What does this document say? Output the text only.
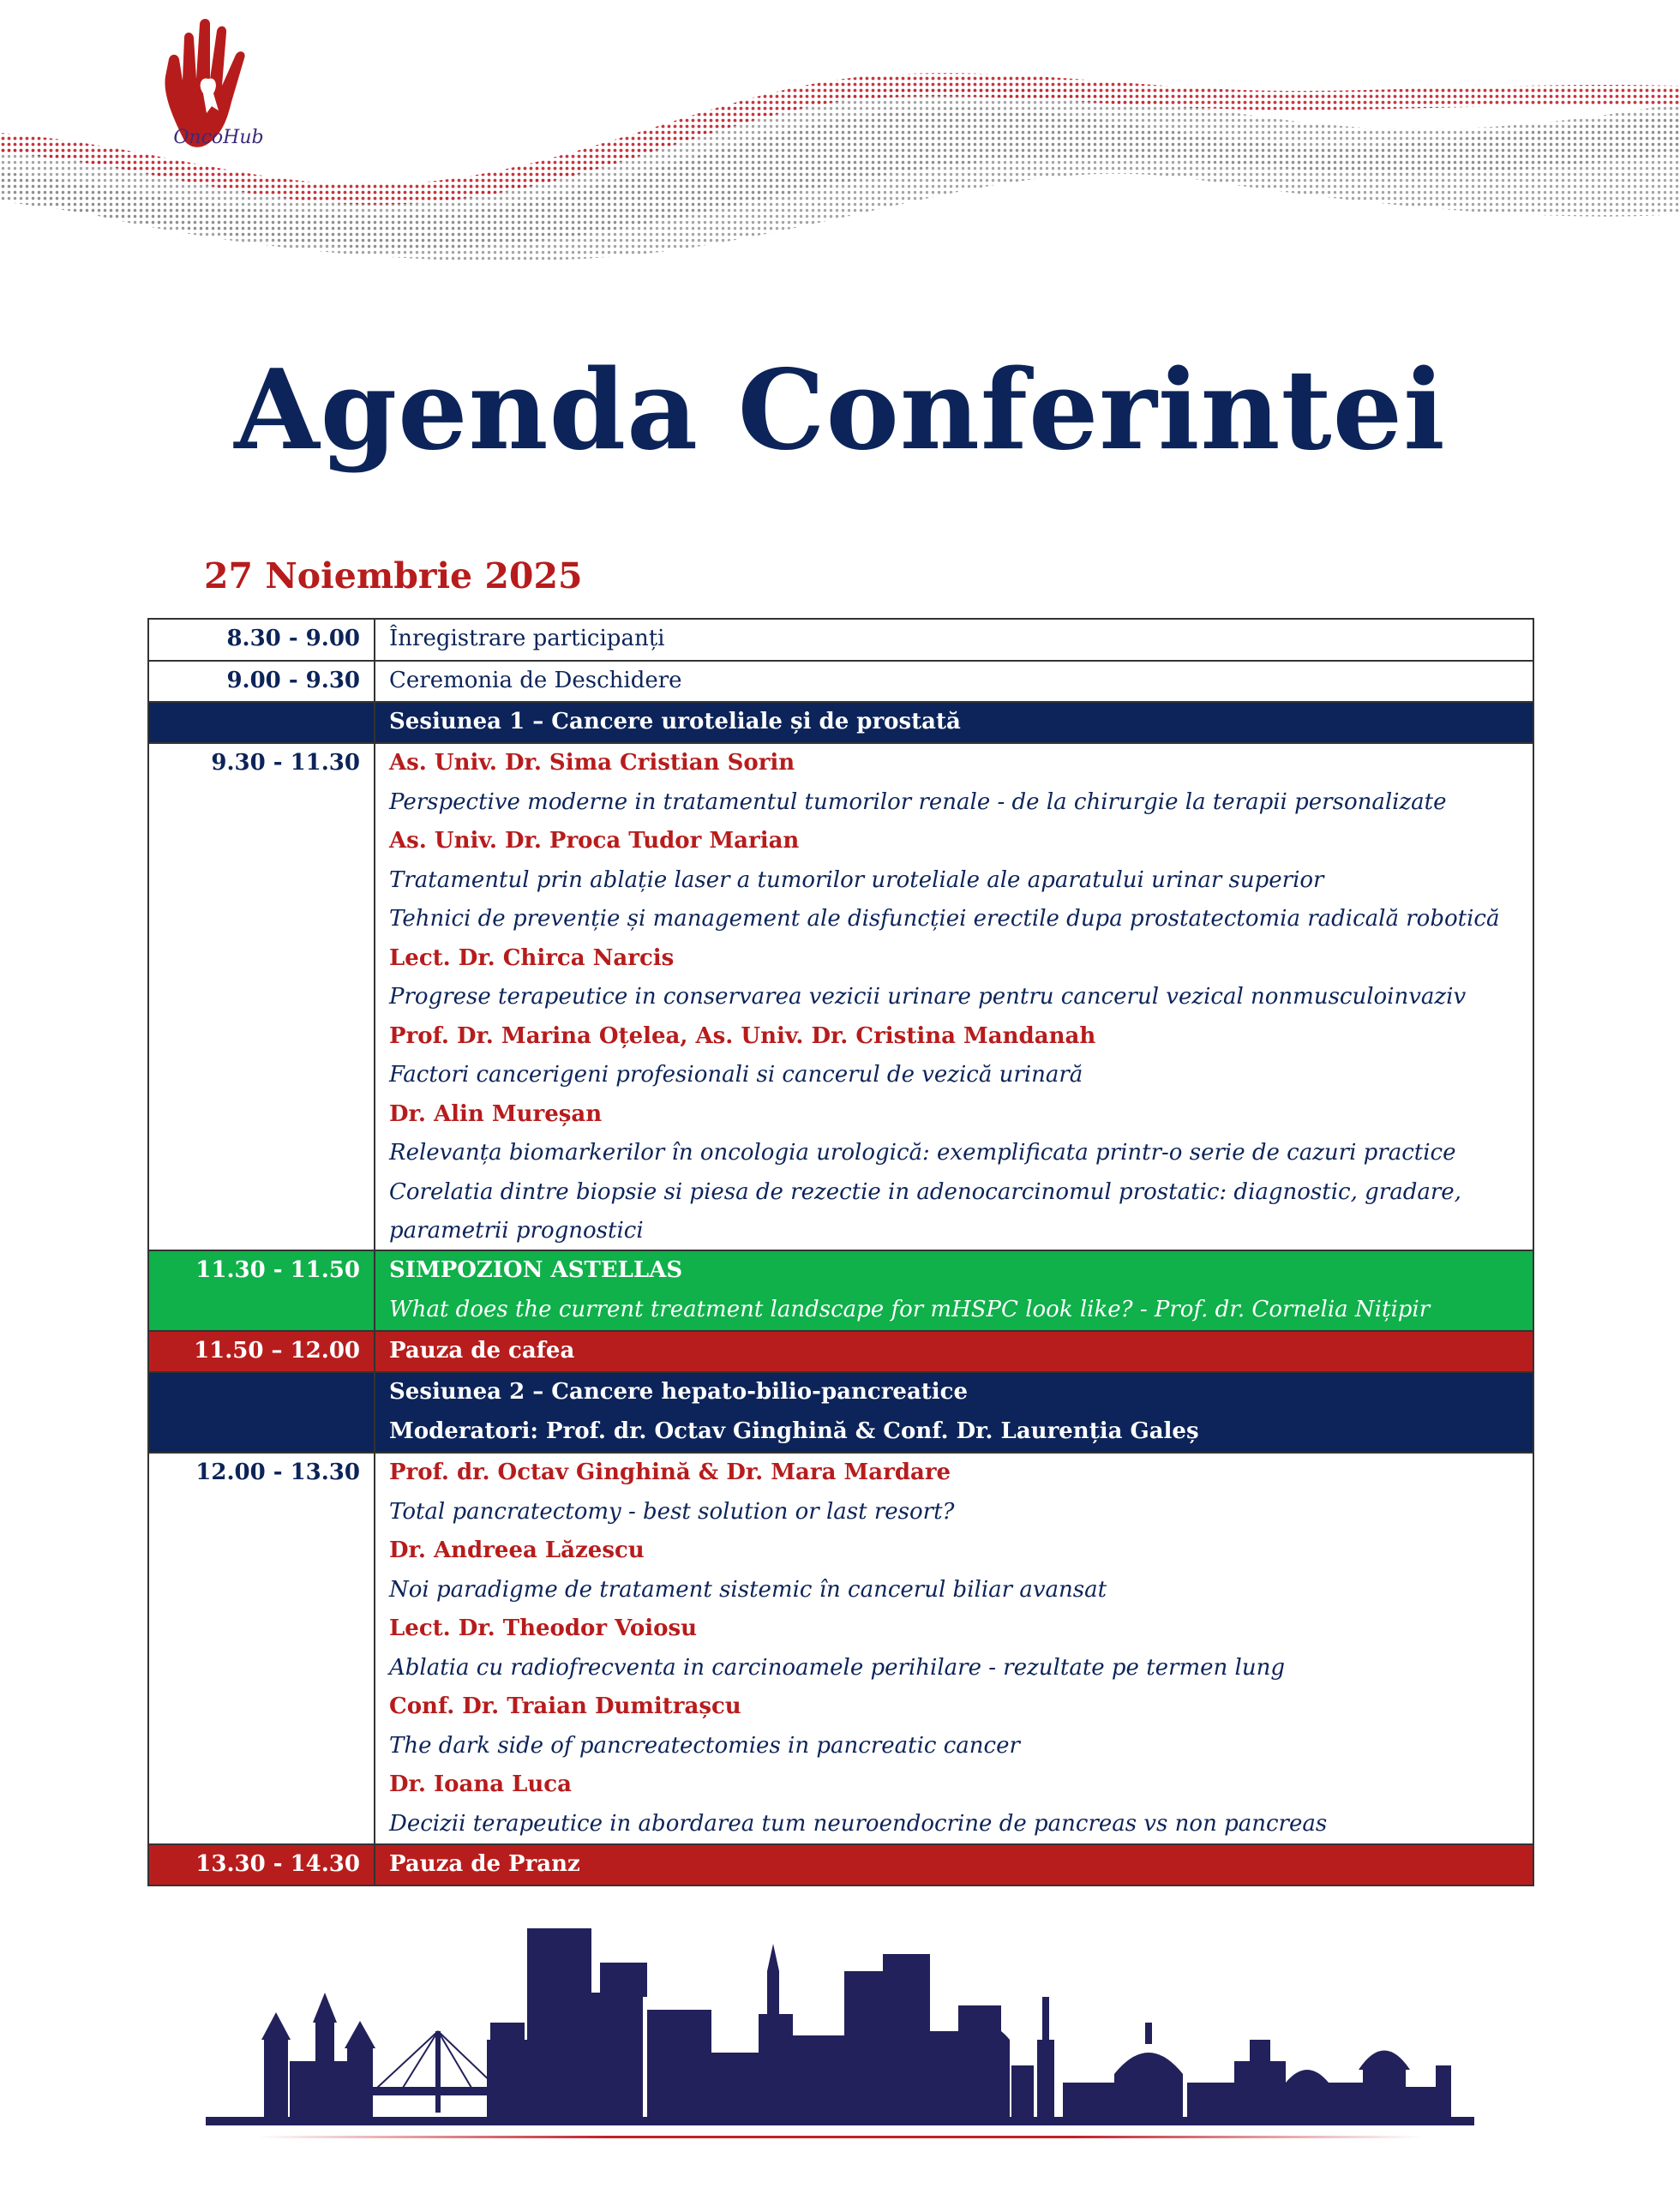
OncoHub
Agenda Conferintei
27 Noiembrie 2025
8.30 - 9.00	Înregistrare participanți
9.00 - 9.30	Ceremonia de Deschidere
Sesiunea 1 – Cancere uroteliale și de prostată
9.30 - 11.30	As. Univ. Dr. Sima Cristian Sorin
Perspective moderne in tratamentul tumorilor renale - de la chirurgie la terapii personalizate
As. Univ. Dr. Proca Tudor Marian
Tratamentul prin ablație laser a tumorilor uroteliale ale aparatului urinar superior
Tehnici de prevenție și management ale disfuncției erectile dupa prostatectomia radicală robotică
Lect. Dr. Chirca Narcis
Progrese terapeutice in conservarea vezicii urinare pentru cancerul vezical nonmusculoinvaziv
Prof. Dr. Marina Oțelea, As. Univ. Dr. Cristina Mandanah
Factori cancerigeni profesionali si cancerul de vezică urinară
Dr. Alin Mureșan
Relevanța biomarkerilor în oncologia urologică: exemplificata printr-o serie de cazuri practice
Corelatia dintre biopsie si piesa de rezectie in adenocarcinomul prostatic: diagnostic, gradare, parametrii prognostici
11.30 - 11.50	SIMPOZION ASTELLAS
What does the current treatment landscape for mHSPC look like? - Prof. dr. Cornelia Nițipir
11.50 – 12.00	Pauza de cafea
Sesiunea 2 – Cancere hepato-bilio-pancreatice
Moderatori: Prof. dr. Octav Ginghină & Conf. Dr. Laurenția Galeș
12.00 - 13.30	Prof. dr. Octav Ginghină & Dr. Mara Mardare
Total pancratectomy - best solution or last resort?
Dr. Andreea Lăzescu
Noi paradigme de tratament sistemic în cancerul biliar avansat
Lect. Dr. Theodor Voiosu
Ablatia cu radiofrecventa in carcinoamele perihilare - rezultate pe termen lung
Conf. Dr. Traian Dumitrașcu
The dark side of pancreatectomies in pancreatic cancer
Dr. Ioana Luca
Decizii terapeutice in abordarea tum neuroendocrine de pancreas vs non pancreas
13.30 - 14.30	Pauza de Pranz
